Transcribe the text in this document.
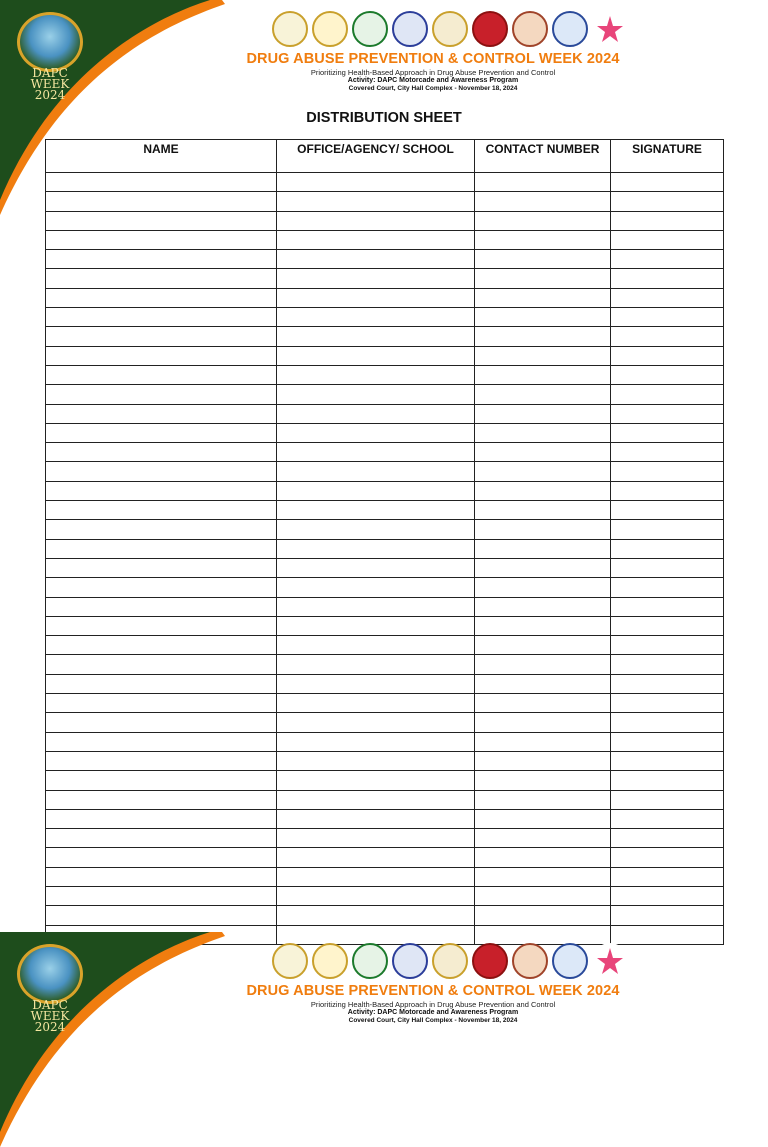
DAPC
WEEK
2024
DRUG ABUSE PREVENTION & CONTROL WEEK 2024
Prioritizing Health-Based Approach in Drug Abuse Prevention and Control
Activity: DAPC Motorcade and Awareness Program
Covered Court, City Hall Complex - November 18, 2024
DISTRIBUTION SHEET
NAME	OFFICE/AGENCY/ SCHOOL	CONTACT NUMBER	SIGNATURE

DAPC
WEEK
2024
DRUG ABUSE PREVENTION & CONTROL WEEK 2024
Prioritizing Health-Based Approach in Drug Abuse Prevention and Control
Activity: DAPC Motorcade and Awareness Program
Covered Court, City Hall Complex - November 18, 2024
